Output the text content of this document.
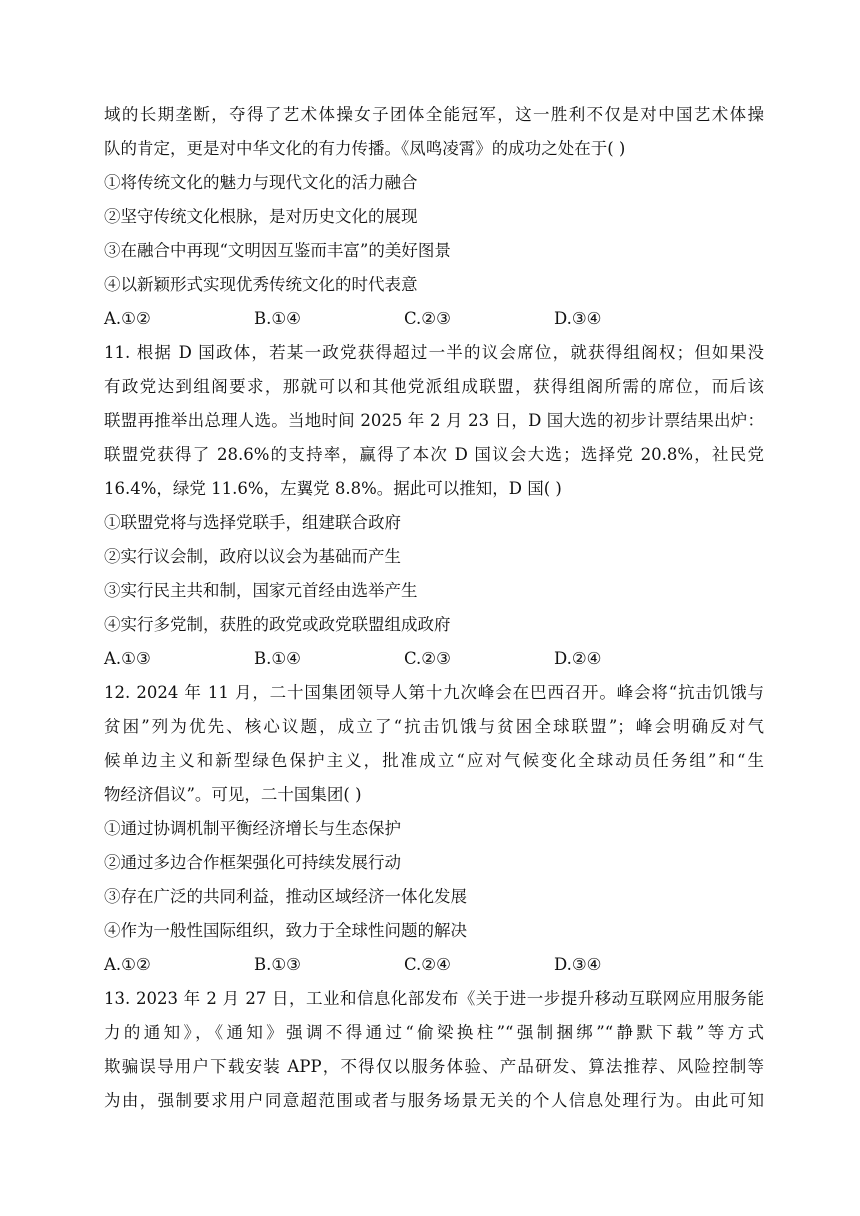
域的长期垄断，夺得了艺术体操女子团体全能冠军，这一胜利不仅是对中国艺术体操
队的肯定，更是对中华文化的有力传播。《凤鸣凌霄》的成功之处在于( )
①将传统文化的魅力与现代文化的活力融合
②坚守传统文化根脉，是对历史文化的展现
③在融合中再现“文明因互鉴而丰富”的美好图景
④以新颖形式实现优秀传统文化的时代表意
A.①②	B.①④	C.②③	D.③④
11. 根据 D 国政体，若某一政党获得超过一半的议会席位，就获得组阁权；但如果没
有政党达到组阁要求，那就可以和其他党派组成联盟，获得组阁所需的席位，而后该
联盟再推举出总理人选。当地时间 2025 年 2 月 23 日，D 国大选的初步计票结果出炉：
联盟党获得了 28.6%的支持率，赢得了本次 D 国议会大选；选择党 20.8%，社民党
16.4%，绿党 11.6%，左翼党 8.8%。据此可以推知，D 国( )
①联盟党将与选择党联手，组建联合政府
②实行议会制，政府以议会为基础而产生
③实行民主共和制，国家元首经由选举产生
④实行多党制，获胜的政党或政党联盟组成政府
A.①③	B.①④	C.②③	D.②④
12. 2024 年 11 月，二十国集团领导人第十九次峰会在巴西召开。峰会将“抗击饥饿与
贫困”列为优先、核心议题，成立了“抗击饥饿与贫困全球联盟”；峰会明确反对气
候单边主义和新型绿色保护主义，批准成立“应对气候变化全球动员任务组”和“生
物经济倡议”。可见，二十国集团( )
①通过协调机制平衡经济增长与生态保护
②通过多边合作框架强化可持续发展行动
③存在广泛的共同利益，推动区域经济一体化发展
④作为一般性国际组织，致力于全球性问题的解决
A.①②	B.①③	C.②④	D.③④
13. 2023 年 2 月 27 日，工业和信息化部发布《关于进一步提升移动互联网应用服务能
力的通知》，《通知》强调不得通过“偷梁换柱”“强制捆绑”“静默下载”等方式
欺骗误导用户下载安装 APP，不得仅以服务体验、产品研发、算法推荐、风险控制等
为由，强制要求用户同意超范围或者与服务场景无关的个人信息处理行为。由此可知
